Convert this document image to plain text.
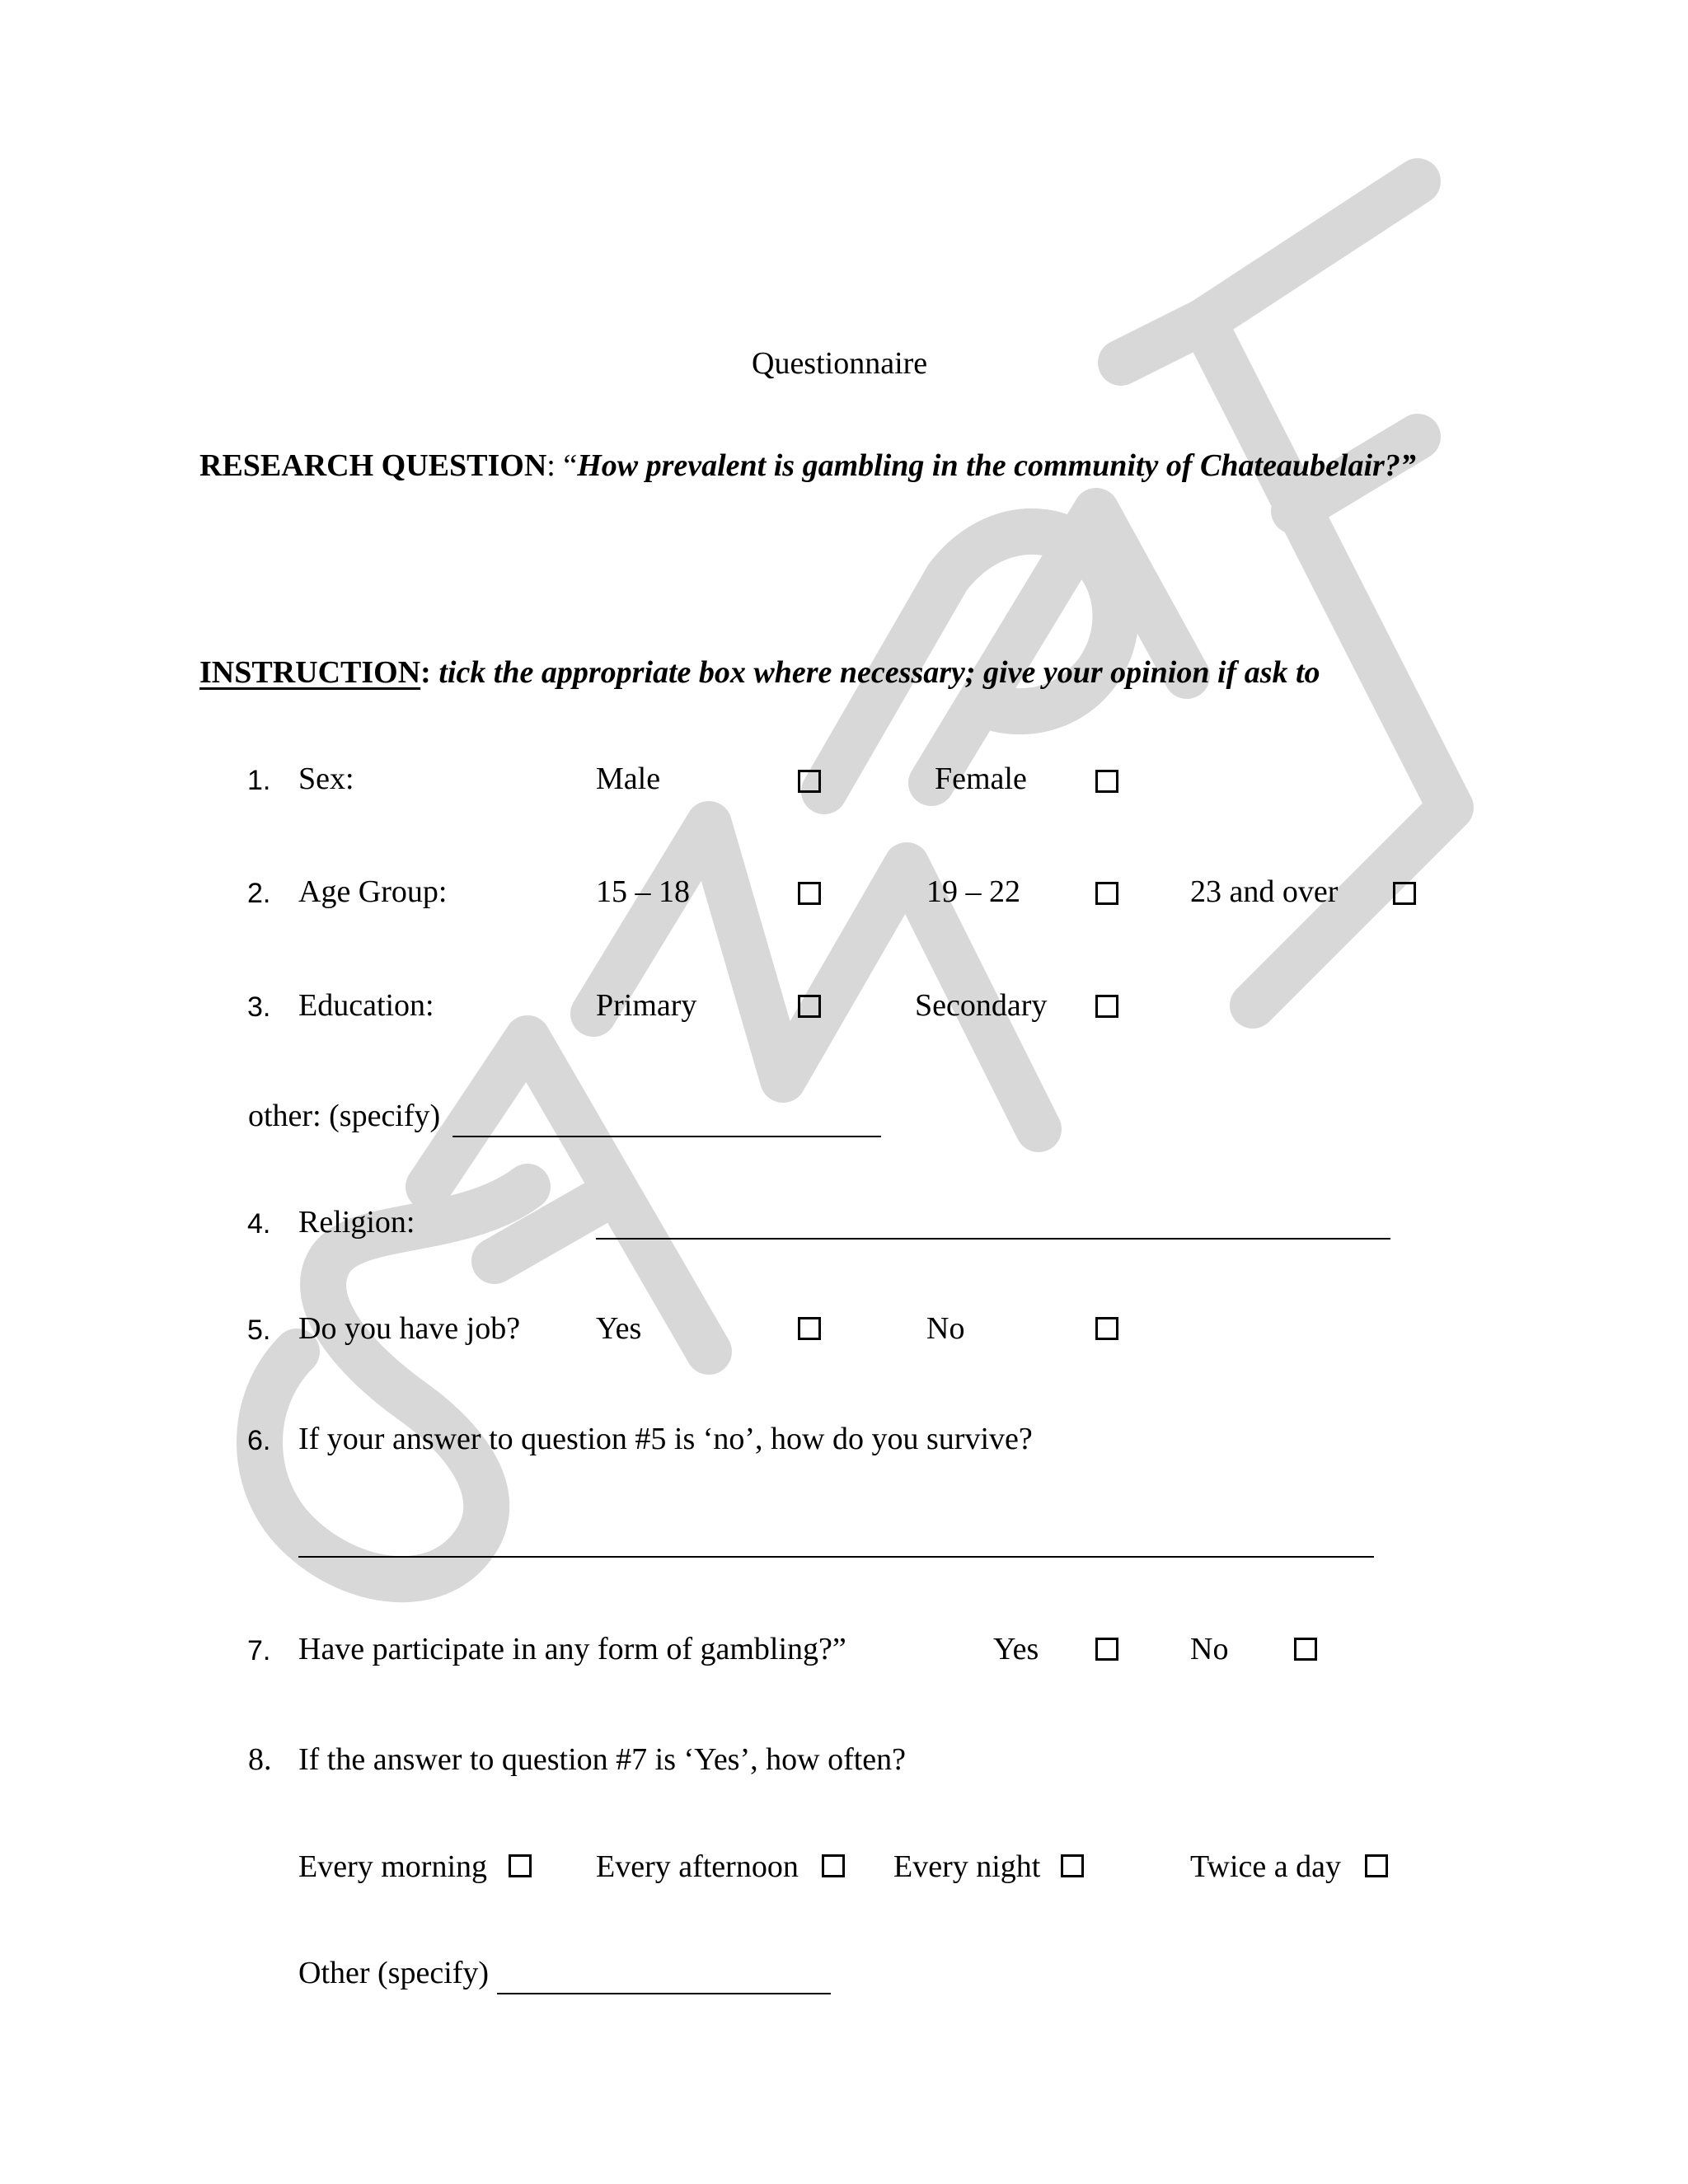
Questionnaire
RESEARCH QUESTION: “How prevalent is gambling in the community of Chateaubelair?”
INSTRUCTION: tick the appropriate box where necessary; give your opinion if ask to
1. Sex:	Male	Female
2. Age Group:	15 – 18	19 – 22	23 and over
3. Education:	Primary	Secondary
other: (specify)
4. Religion:
5. Do you have job? Yes	No
6. If your answer to question #5 is ‘no’, how do you survive?
7. Have participate in any form of gambling?”	Yes	No
8. If the answer to question #7 is ‘Yes’, how often?
Every morning	Every afternoon	Every night	Twice a day
Other (specify)
